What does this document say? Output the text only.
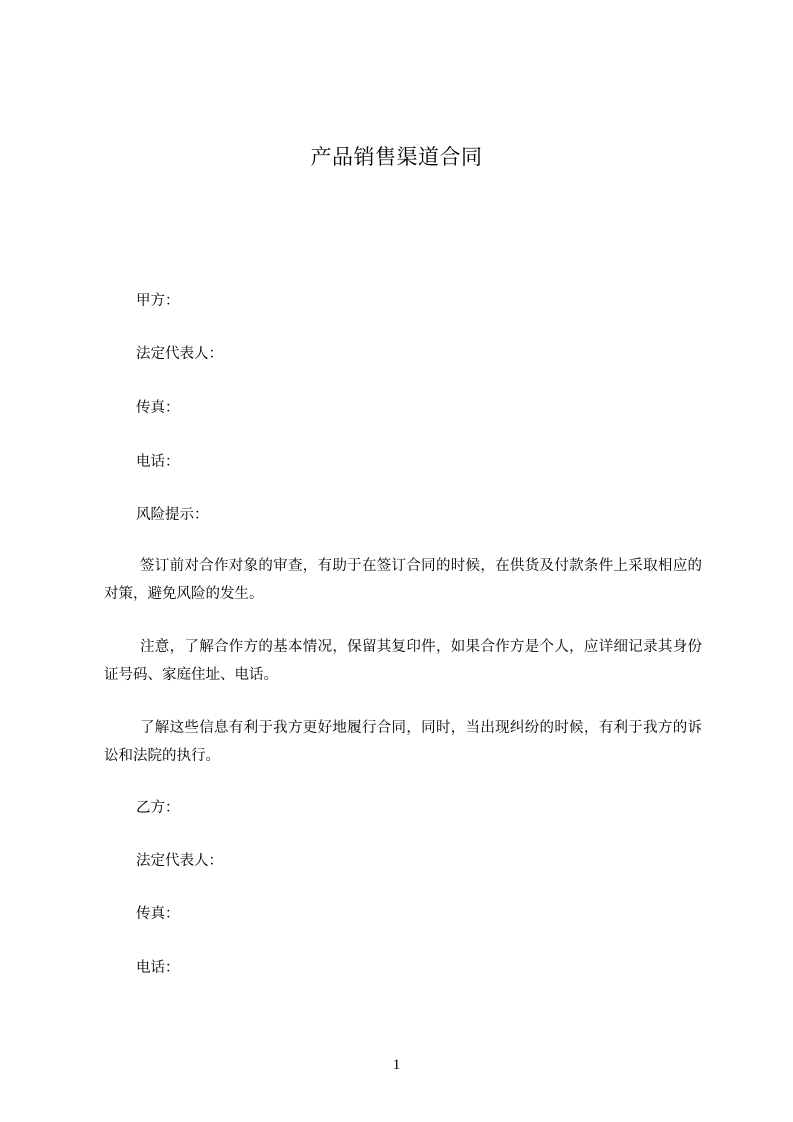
产品销售渠道合同
甲方：
法定代表人：
传真：
电话：
风险提示：
签订前对合作对象的审查，有助于在签订合同的时候，在供货及付款条件上采取相应的对策，避免风险的发生。
注意，了解合作方的基本情况，保留其复印件，如果合作方是个人，应详细记录其身份证号码、家庭住址、电话。
了解这些信息有利于我方更好地履行合同，同时，当出现纠纷的时候，有利于我方的诉讼和法院的执行。
乙方：
法定代表人：
传真：
电话：
1
